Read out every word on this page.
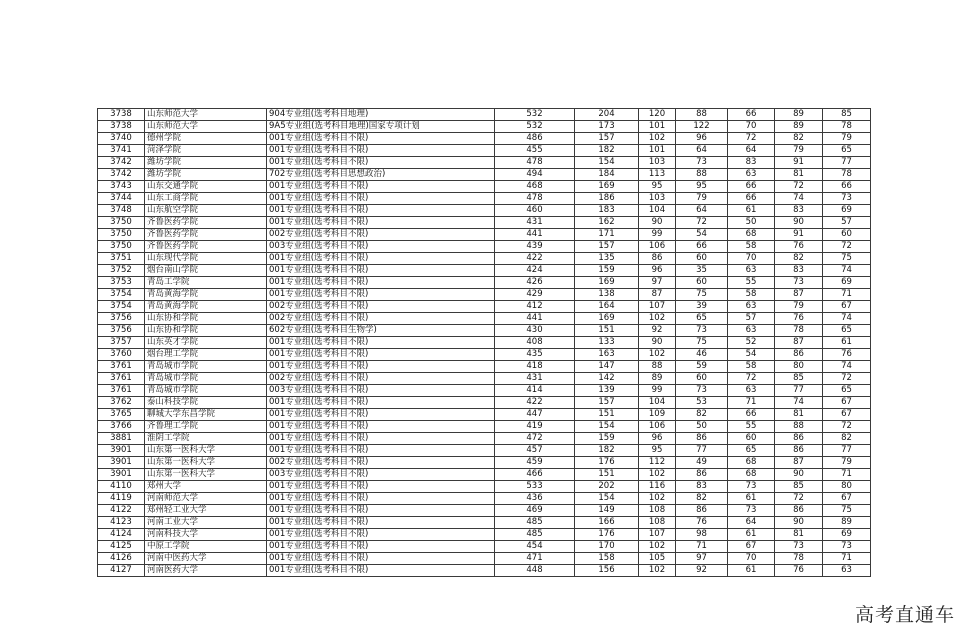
3738	山东师范大学	904专业组(选考科目地理)	532	204	120	88	66	89	85
3738	山东师范大学	9A5专业组(选考科目地理)国家专项计划	532	173	101	122	70	89	78
3740	德州学院	001专业组(选考科目不限)	486	157	102	96	72	82	79
3741	菏泽学院	001专业组(选考科目不限)	455	182	101	64	64	79	65
3742	潍坊学院	001专业组(选考科目不限)	478	154	103	73	83	91	77
3742	潍坊学院	702专业组(选考科目思想政治)	494	184	113	88	63	81	78
3743	山东交通学院	001专业组(选考科目不限)	468	169	95	95	66	72	66
3744	山东工商学院	001专业组(选考科目不限)	478	186	103	79	66	74	73
3748	山东航空学院	001专业组(选考科目不限)	460	183	104	64	61	83	69
3750	齐鲁医药学院	001专业组(选考科目不限)	431	162	90	72	50	90	57
3750	齐鲁医药学院	002专业组(选考科目不限)	441	171	99	54	68	91	60
3750	齐鲁医药学院	003专业组(选考科目不限)	439	157	106	66	58	76	72
3751	山东现代学院	001专业组(选考科目不限)	422	135	86	60	70	82	75
3752	烟台南山学院	001专业组(选考科目不限)	424	159	96	35	63	83	74
3753	青岛工学院	001专业组(选考科目不限)	426	169	97	60	55	73	69
3754	青岛黄海学院	001专业组(选考科目不限)	429	138	87	75	58	87	71
3754	青岛黄海学院	002专业组(选考科目不限)	412	164	107	39	63	79	67
3756	山东协和学院	002专业组(选考科目不限)	441	169	102	65	57	76	74
3756	山东协和学院	602专业组(选考科目生物学)	430	151	92	73	63	78	65
3757	山东英才学院	001专业组(选考科目不限)	408	133	90	75	52	87	61
3760	烟台理工学院	001专业组(选考科目不限)	435	163	102	46	54	86	76
3761	青岛城市学院	001专业组(选考科目不限)	418	147	88	59	58	80	74
3761	青岛城市学院	002专业组(选考科目不限)	431	142	89	60	72	85	72
3761	青岛城市学院	003专业组(选考科目不限)	414	139	99	73	63	77	65
3762	泰山科技学院	001专业组(选考科目不限)	422	157	104	53	71	74	67
3765	聊城大学东昌学院	001专业组(选考科目不限)	447	151	109	82	66	81	67
3766	齐鲁理工学院	001专业组(选考科目不限)	419	154	106	50	55	88	72
3881	淮阴工学院	001专业组(选考科目不限)	472	159	96	86	60	86	82
3901	山东第一医科大学	001专业组(选考科目不限)	457	182	95	77	65	86	77
3901	山东第一医科大学	002专业组(选考科目不限)	459	176	112	49	68	87	79
3901	山东第一医科大学	003专业组(选考科目不限)	466	151	102	86	68	90	71
4110	郑州大学	001专业组(选考科目不限)	533	202	116	83	73	85	80
4119	河南师范大学	001专业组(选考科目不限)	436	154	102	82	61	72	67
4122	郑州轻工业大学	001专业组(选考科目不限)	469	149	108	86	73	86	75
4123	河南工业大学	001专业组(选考科目不限)	485	166	108	76	64	90	89
4124	河南科技大学	001专业组(选考科目不限)	485	176	107	98	61	81	69
4125	中原工学院	001专业组(选考科目不限)	454	170	102	71	67	73	73
4126	河南中医药大学	001专业组(选考科目不限)	471	158	105	97	70	78	71
4127	河南医药大学	001专业组(选考科目不限)	448	156	102	92	61	76	63
高考直通车
